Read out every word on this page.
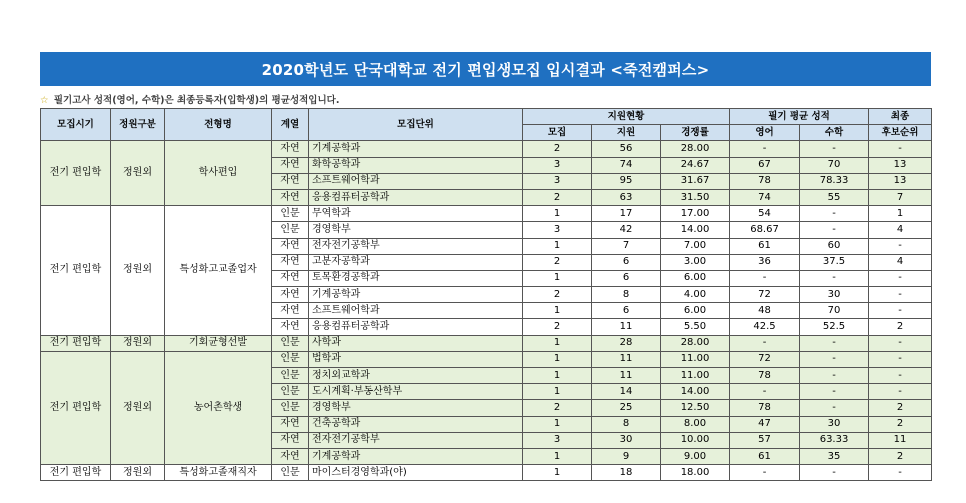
2020학년도 단국대학교 전기 편입생모집 입시결과 <죽전캠퍼스>
☆ 필기고사 성적(영어, 수학)은 최종등록자(입학생)의 평균성적입니다.
모집시기	정원구분	전형명	계열	모집단위	지원현황			필기 평균 성적		최종
					모집	지원	경쟁률	영어	수학	후보순위
전기 편입학	정원외	학사편입	자연	기계공학과	2	56	28.00	-	-	-
			자연	화학공학과	3	74	24.67	67	70	13
			자연	소프트웨어학과	3	95	31.67	78	78.33	13
			자연	응용컴퓨터공학과	2	63	31.50	74	55	7
전기 편입학	정원외	특성화고교졸업자	인문	무역학과	1	17	17.00	54	-	1
			인문	경영학부	3	42	14.00	68.67	-	4
			자연	전자전기공학부	1	7	7.00	61	60	-
			자연	고분자공학과	2	6	3.00	36	37.5	4
			자연	토목환경공학과	1	6	6.00	-	-	-
			자연	기계공학과	2	8	4.00	72	30	-
			자연	소프트웨어학과	1	6	6.00	48	70	-
			자연	응용컴퓨터공학과	2	11	5.50	42.5	52.5	2
전기 편입학	정원외	기회균형선발	인문	사학과	1	28	28.00	-	-	-
전기 편입학	정원외	농어촌학생	인문	법학과	1	11	11.00	72	-	-
			인문	정치외교학과	1	11	11.00	78	-	-
			인문	도시계획·부동산학부	1	14	14.00	-	-	-
			인문	경영학부	2	25	12.50	78	-	2
			자연	건축공학과	1	8	8.00	47	30	2
			자연	전자전기공학부	3	30	10.00	57	63.33	11
			자연	기계공학과	1	9	9.00	61	35	2
전기 편입학	정원외	특성화고졸재직자	인문	마이스터경영학과(야)	1	18	18.00	-	-	-
